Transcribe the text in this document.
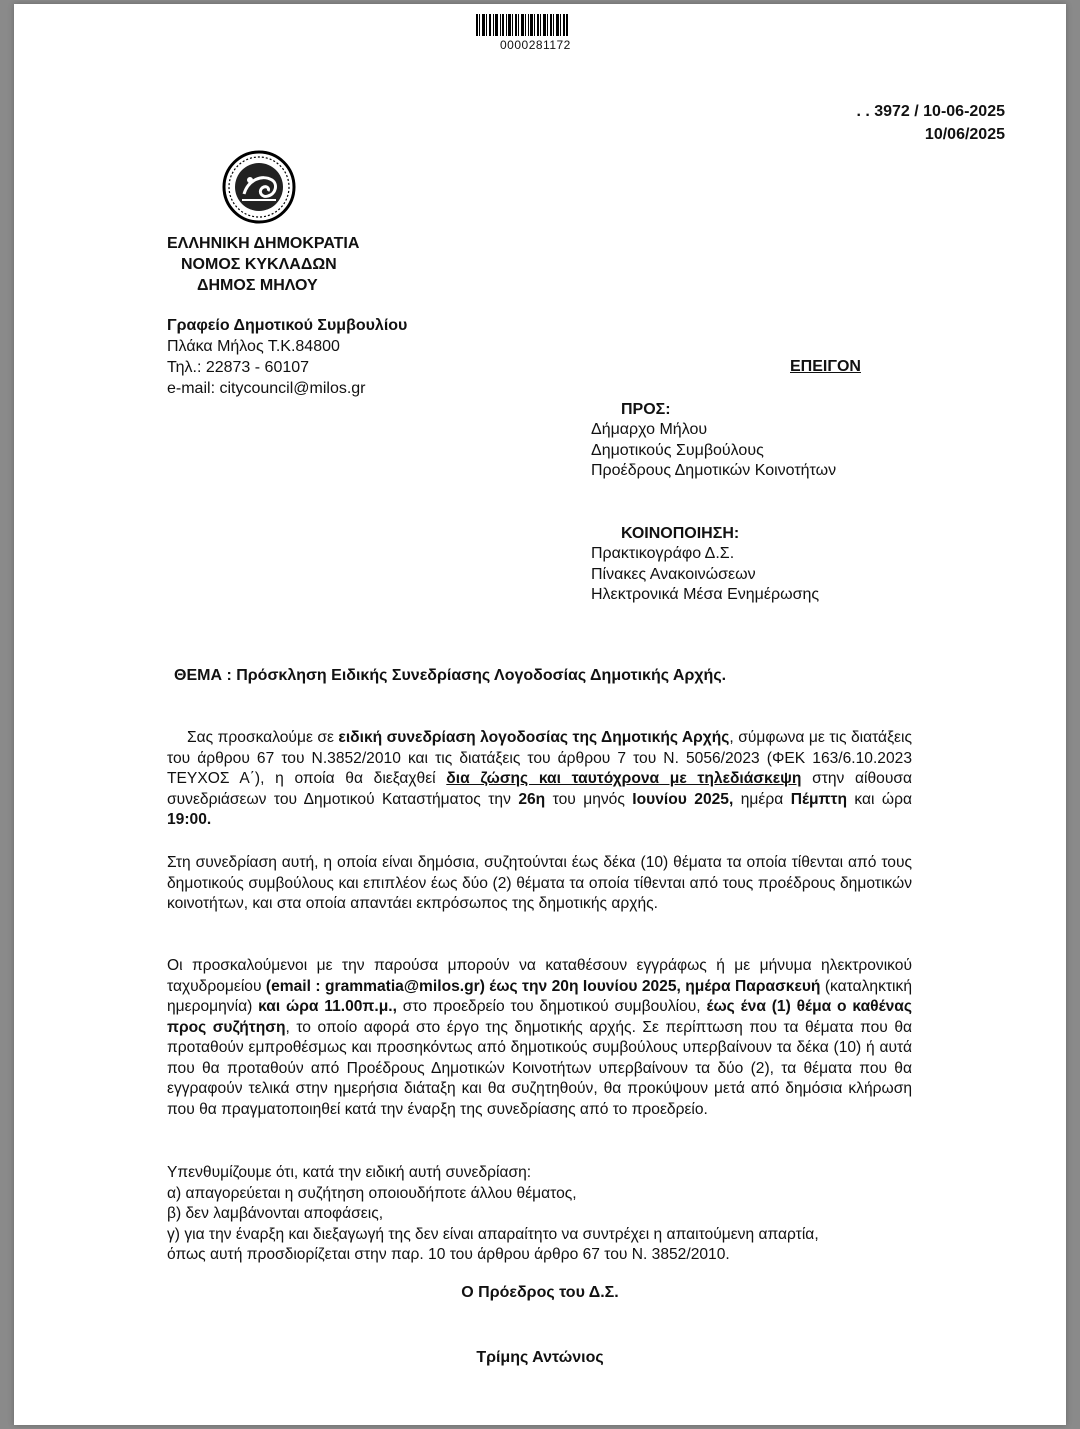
0000281172
. . 3972 / 10-06-2025
10/06/2025
ΕΛΛΗΝΙΚΗ ΔΗΜΟΚΡΑΤΙΑ
ΝΟΜΟΣ ΚΥΚΛΑΔΩΝ
ΔΗΜΟΣ ΜΗΛΟΥ
Γραφείο Δημοτικού Συμβουλίου
Πλάκα Μήλος Τ.Κ.84800
Τηλ.: 22873 - 60107
e-mail: citycouncil@milos.gr
ΕΠΕΙΓΟΝ
ΠΡΟΣ:
Δήμαρχο Μήλου
Δημοτικούς Συμβούλους
Προέδρους Δημοτικών Κοινοτήτων
ΚΟΙΝΟΠΟΙΗΣΗ:
Πρακτικογράφο Δ.Σ.
Πίνακες Ανακοινώσεων
Ηλεκτρονικά Μέσα Ενημέρωσης
ΘΕΜΑ : Πρόσκληση Ειδικής Συνεδρίασης Λογοδοσίας Δημοτικής Αρχής.
Σας προσκαλούμε σε ειδική συνεδρίαση λογοδοσίας της Δημοτικής Αρχής, σύμφωνα με τις διατάξεις του άρθρου 67 του Ν.3852/2010 και τις διατάξεις του άρθρου 7 του Ν. 5056/2023 (ΦΕΚ 163/6.10.2023 ΤΕΥΧΟΣ Α΄), η οποία θα διεξαχθεί δια ζώσης και ταυτόχρονα με τηλεδιάσκεψη στην αίθουσα συνεδριάσεων του Δημοτικού Καταστήματος την 26η του μηνός Ιουνίου 2025, ημέρα Πέμπτη και ώρα 19:00.
Στη συνεδρίαση αυτή, η οποία είναι δημόσια, συζητούνται έως δέκα (10) θέματα τα οποία τίθενται από τους δημοτικούς συμβούλους και επιπλέον έως δύο (2) θέματα τα οποία τίθενται από τους προέδρους δημοτικών κοινοτήτων, και στα οποία απαντάει εκπρόσωπος της δημοτικής αρχής.
Οι προσκαλούμενοι με την παρούσα μπορούν να καταθέσουν εγγράφως ή με μήνυμα ηλεκτρονικού ταχυδρομείου (email : grammatia@milos.gr) έως την 20η Ιουνίου 2025, ημέρα Παρασκευή (καταληκτική ημερομηνία) και ώρα 11.00π.μ., στο προεδρείο του δημοτικού συμβουλίου, έως ένα (1) θέμα ο καθένας προς συζήτηση, το οποίο αφορά στο έργο της δημοτικής αρχής. Σε περίπτωση που τα θέματα που θα προταθούν εμπροθέσμως και προσηκόντως από δημοτικούς συμβούλους υπερβαίνουν τα δέκα (10) ή αυτά που θα προταθούν από Προέδρους Δημοτικών Κοινοτήτων υπερβαίνουν τα δύο (2), τα θέματα που θα εγγραφούν τελικά στην ημερήσια διάταξη και θα συζητηθούν, θα προκύψουν μετά από δημόσια κλήρωση που θα πραγματοποιηθεί κατά την έναρξη της συνεδρίασης από το προεδρείο.
Υπενθυμίζουμε ότι, κατά την ειδική αυτή συνεδρίαση:
α) απαγορεύεται η συζήτηση οποιουδήποτε άλλου θέματος,
β) δεν λαμβάνονται αποφάσεις,
γ) για την έναρξη και διεξαγωγή της δεν είναι απαραίτητο να συντρέχει η απαιτούμενη απαρτία,
όπως αυτή προσδιορίζεται στην παρ. 10 του άρθρου άρθρο 67 του Ν. 3852/2010.
Ο Πρόεδρος του Δ.Σ.
Τρίμης Αντώνιος
